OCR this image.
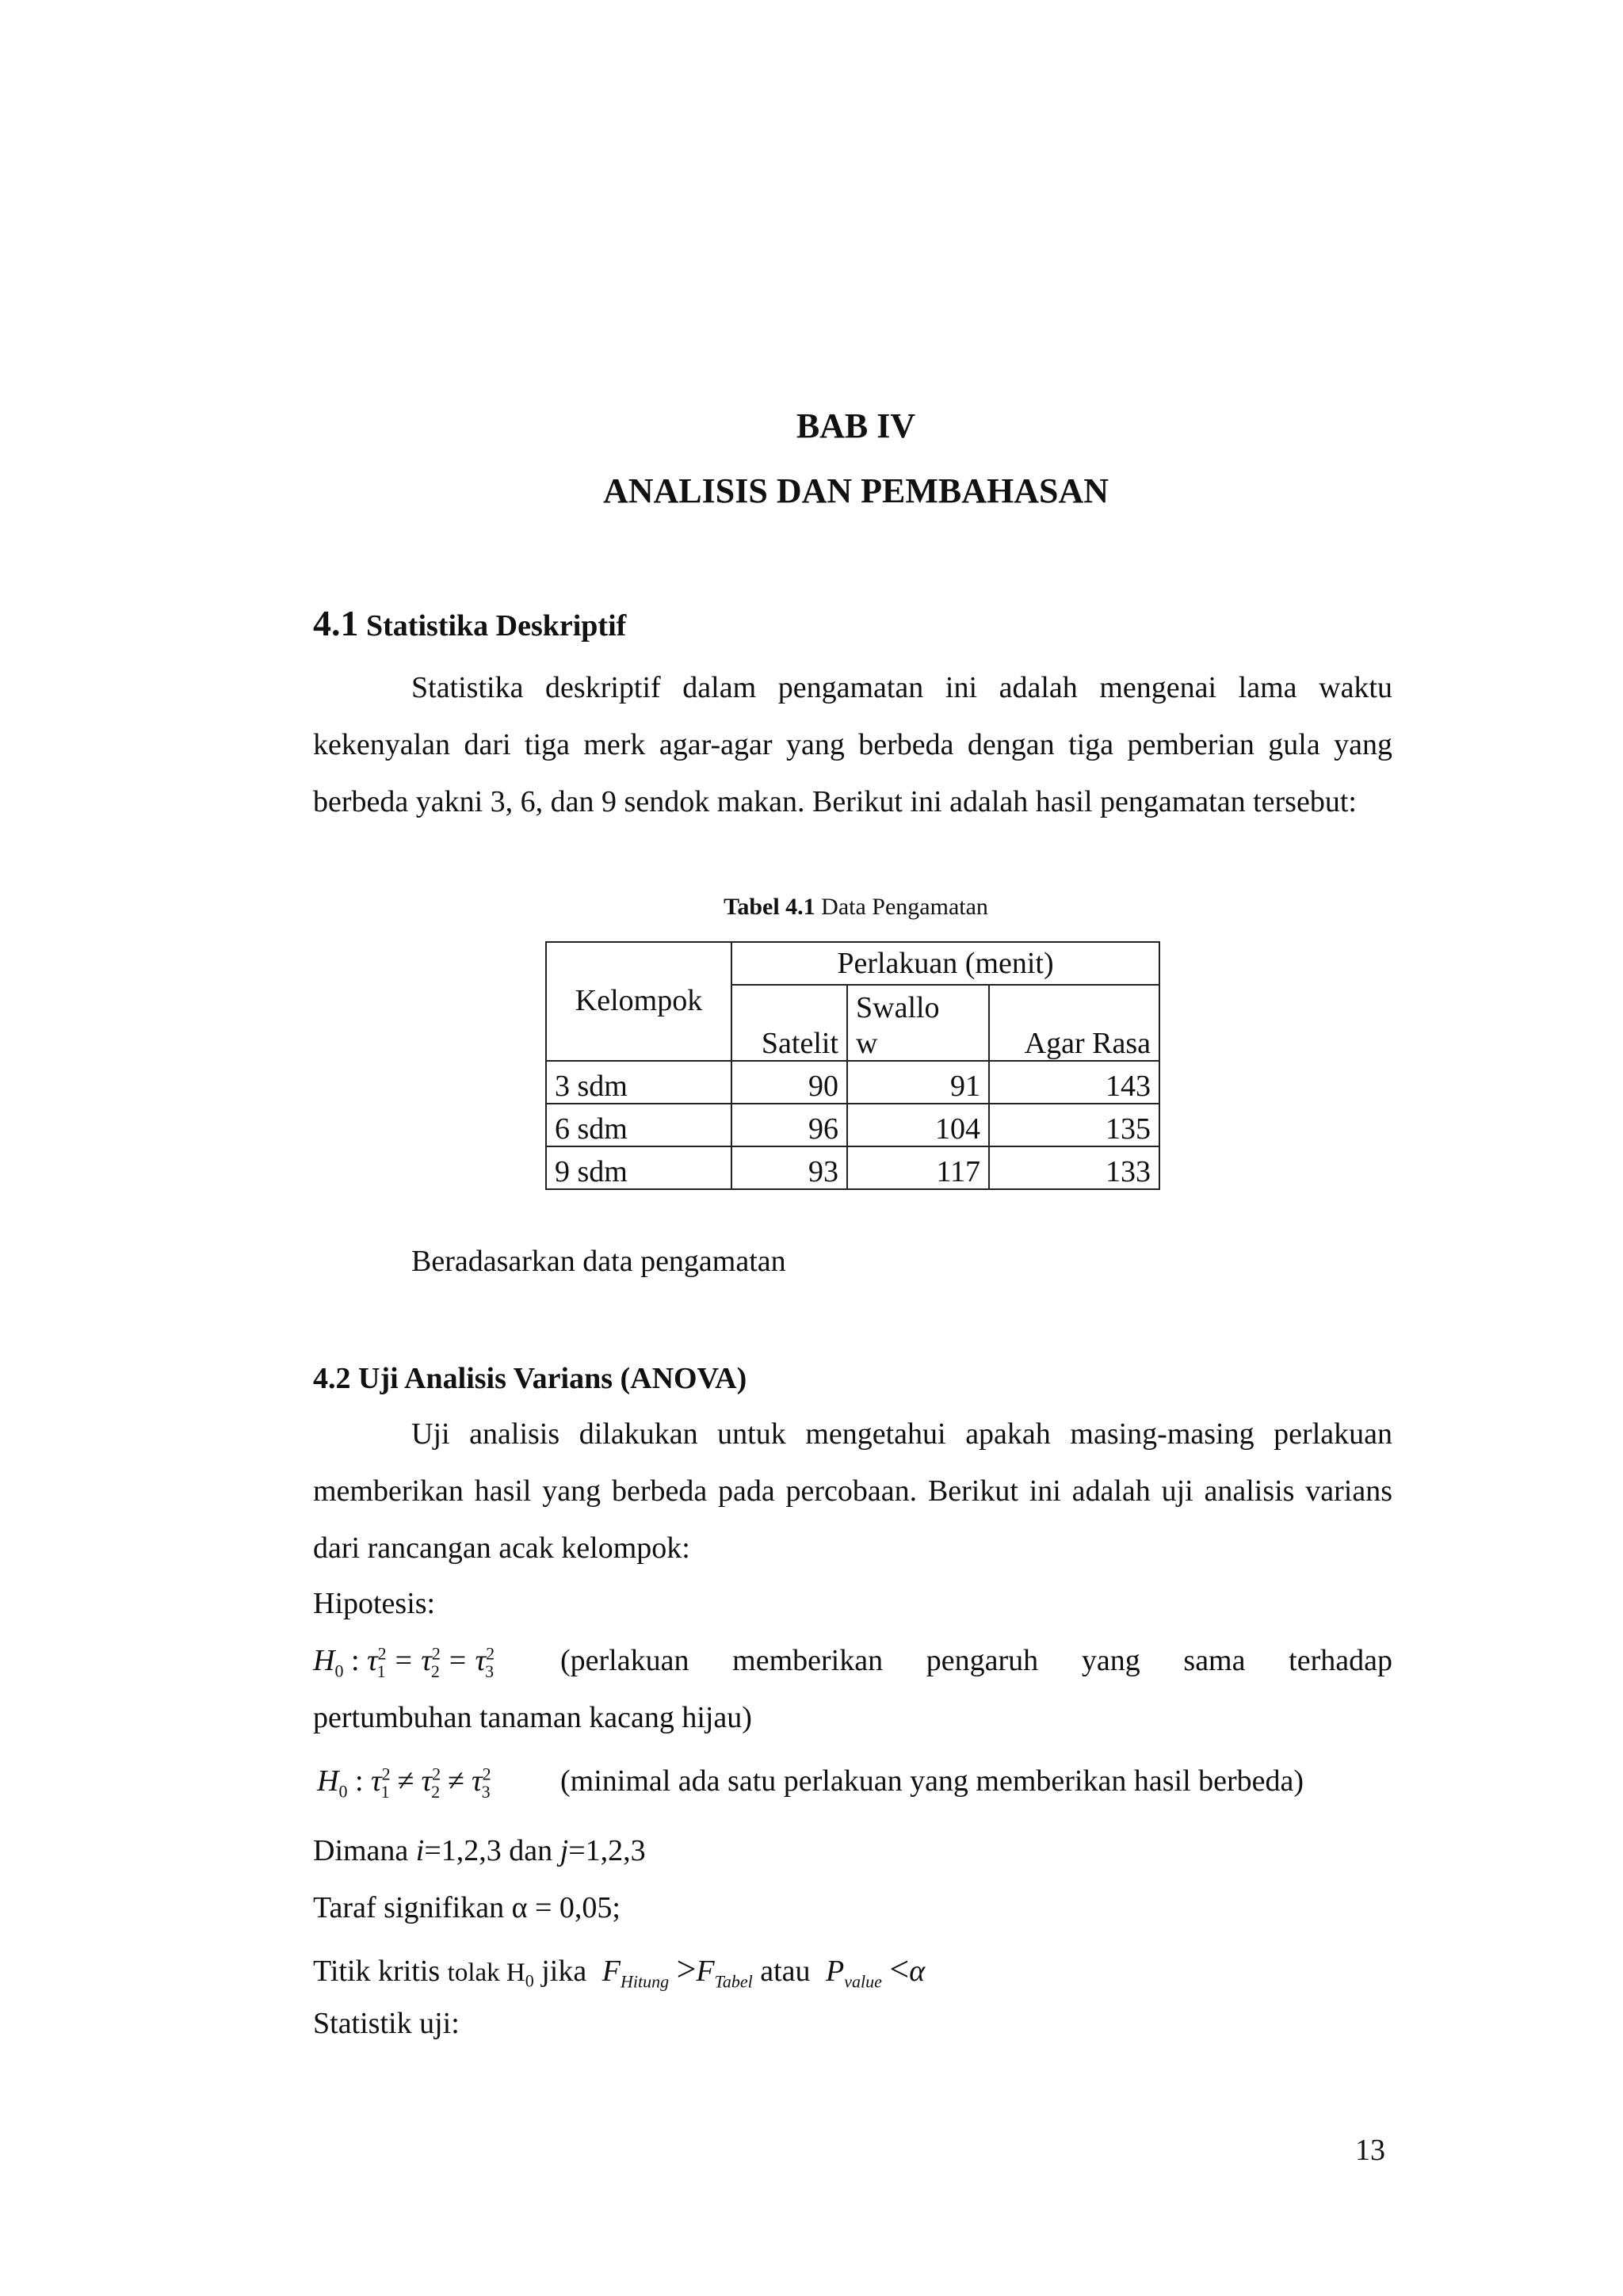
BAB IV
ANALISIS DAN PEMBAHASAN
4.1 Statistika Deskriptif
Statistika deskriptif dalam pengamatan ini adalah mengenai lama waktu kekenyalan dari tiga merk agar-agar yang berbeda dengan tiga pemberian gula yang berbeda yakni 3, 6, dan 9 sendok makan. Berikut ini adalah hasil pengamatan tersebut:
Tabel 4.1 Data Pengamatan
Kelompok	Perlakuan (menit)		
	Satelit	Swallo	Agar Rasa
		w	
3 sdm	90	91	143
6 sdm	96	104	135
9 sdm	93	117	133
Beradasarkan data pengamatan
4.2 Uji Analisis Varians (ANOVA)
Uji analisis dilakukan untuk mengetahui apakah masing-masing perlakuan memberikan hasil yang berbeda pada percobaan. Berikut ini adalah uji analisis varians dari rancangan acak kelompok:
Hipotesis:
$H_0$ : $\tau^2_1 = \tau^2_2 = \tau^2_3$ (perlakuan memberikan pengaruh yang sama terhadap
pertumbuhan tanaman kacang hijau)
$H_0$ : $\tau^2_1 \ne \tau^2_2 \ne \tau^2_3$ (minimal ada satu perlakuan yang memberikan hasil berbeda)
Dimana i=1,2,3 dan j=1,2,3
Taraf signifikan α = 0,05;
Titik kritis tolak $H_0$ jika $F_{Hitung} >F_{Tabel}$ atau $P_{value} <\alpha$
Statistik uji:
13
